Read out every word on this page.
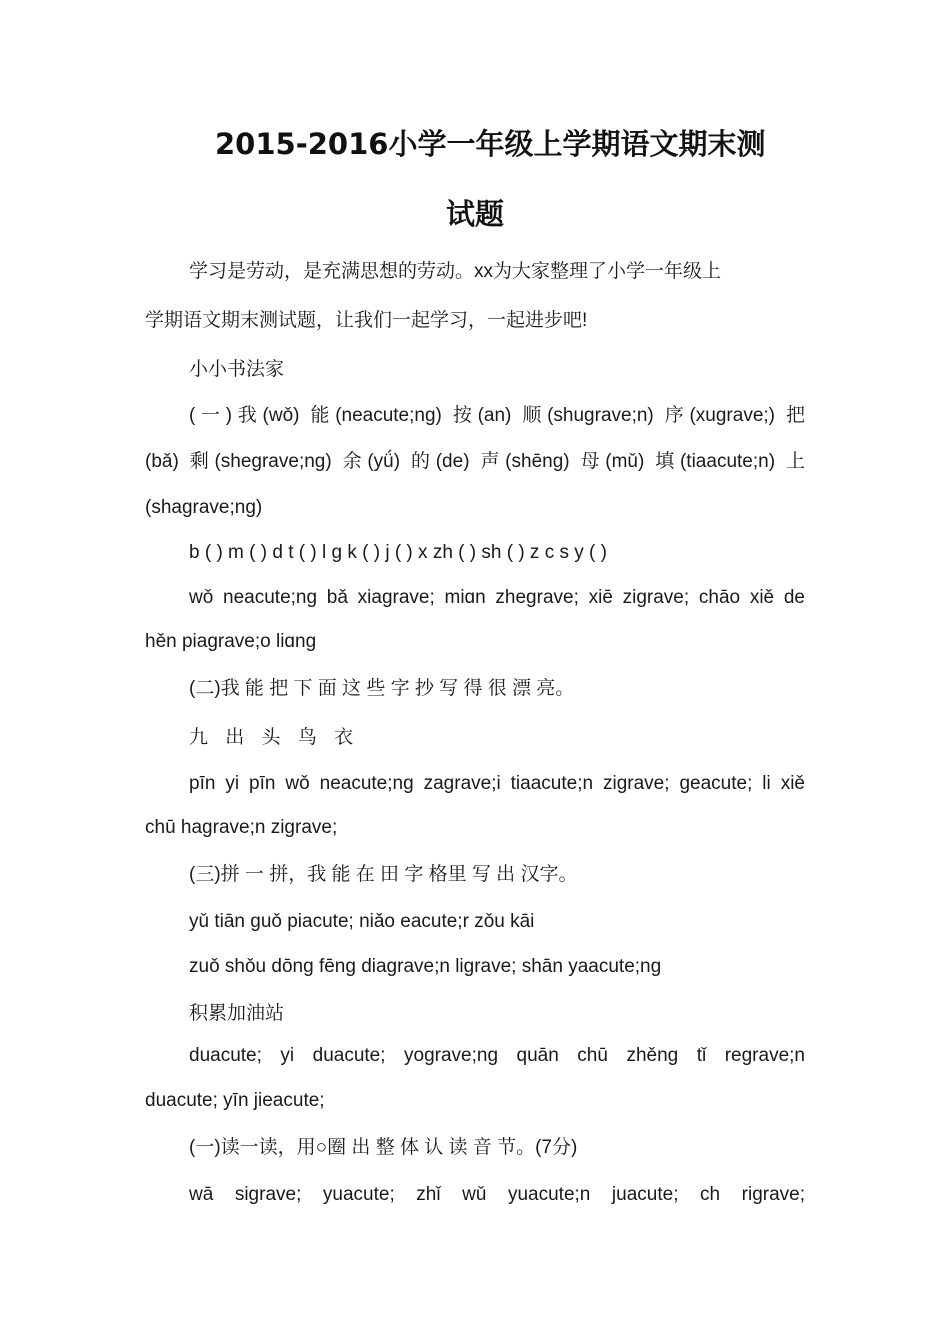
2015-2016小学一年级上学期语文期末测
试题
学习是劳动，是充满思想的劳动。xx为大家整理了小学一年级上
学期语文期末测试题，让我们一起学习，一起进步吧!
小小书法家
(一)我(wǒ) 能(neacute;ng) 按(an) 顺(shugrave;n) 序(xugrave;) 把
(bǎ) 剩(shegrave;ng) 余(yǘ) 的(de) 声(shēng) 母(mǔ) 填(tiaacute;n) 上
(shagrave;ng)
b ( ) m ( ) d t ( ) l g k ( ) j ( ) x zh ( ) sh ( ) z c s y ( )
wǒ neacute;ng bǎ xiagrave; miɑn zhegrave; xiē zigrave; chāo xiě de
hěn piagrave;o liɑng
(二)我 能 把 下 面 这 些 字 抄 写 得 很 漂 亮。
九 出 头 鸟 衣
pīn yi pīn wǒ neacute;ng zagrave;i tiaacute;n zigrave; geacute; li xiě
chū hagrave;n zigrave;
(三)拼 一 拼，我 能 在 田 字 格里 写 出 汉字。
yǔ tiān guǒ piacute; niǎo eacute;r zǒu kāi
zuǒ shǒu dōng fēng diagrave;n ligrave; shān yaacute;ng
积累加油站
duacute; yi duacute; yograve;ng quān chū zhěng tǐ regrave;n
duacute; yīn jieacute;
(一)读一读，用○圈 出 整 体 认 读 音 节。(7分)
wā sigrave; yuacute; zhǐ wǔ yuacute;n juacute; ch rigrave;
